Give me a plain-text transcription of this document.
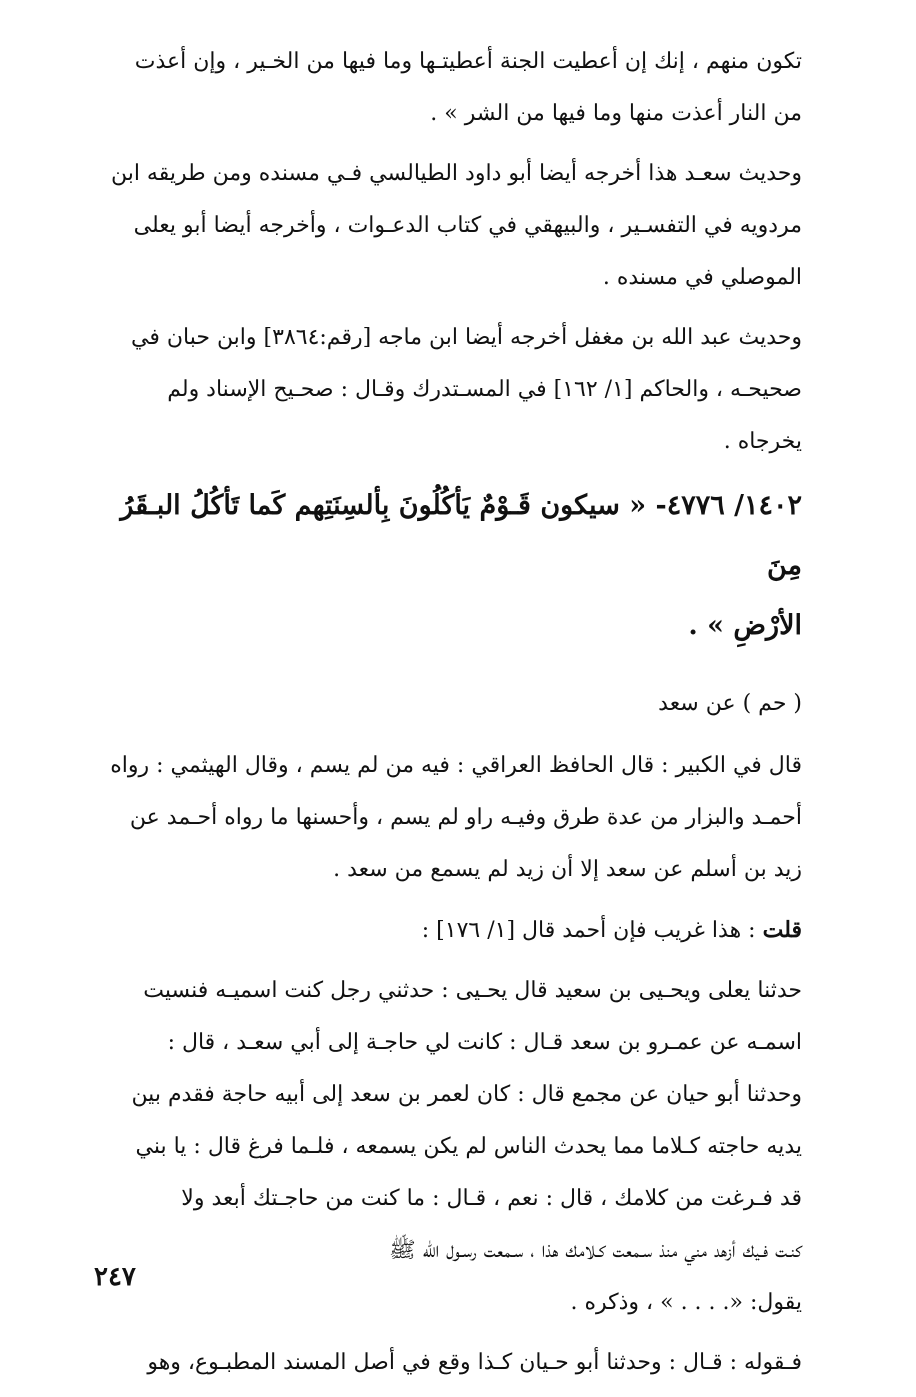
تكون منهم ، إنك إن أعطيت الجنة أعطيتـها وما فيها من الخـير ، وإن أعذت
من النار أعذت منها وما فيها من الشر » .

وحديث سعـد هذا أخرجه أيضا أبو داود الطيالسي فـي مسنده ومن طريقه ابن
مردويه في التفسـير ، والبيهقي في كتاب الدعـوات ، وأخرجه أيضا أبو يعلى
الموصلي في مسنده .

وحديث عبد الله بن مغفل أخرجه أيضا ابن ماجه [رقم:٣٨٦٤] وابن حبان في
صحيحـه ، والحاكم [١/ ١٦٢] في المسـتدرك وقـال : صحـيح الإسناد ولم
يخرجاه .

١٤٠٢/ ٤٧٧٦- « سيكون قَـوْمٌ يَأكُلُونَ بِألسِنَتِهم كَما تَأكُلُ البـقَرُ مِنَ
الأرْضِ » .

( حم ) عن سعد

قال في الكبير : قال الحافظ العراقي : فيه من لم يسم ، وقال الهيثمي : رواه
أحمـد والبزار من عدة طرق وفيـه راو لم يسم ، وأحسنها ما رواه أحـمد عن
زيد بن أسلم عن سعد إلا أن زيد لم يسمع من سعد .

قلت : هذا غريب فإن أحمد قال [١/ ١٧٦] :

حدثنا يعلى ويحـيى بن سعيد قال يحـيى : حدثني رجل كنت اسميـه فنسيت
اسمـه عن عمـرو بن سعد قـال : كانت لي حاجـة إلى أبي سعـد ، قال :
وحدثنا أبو حيان عن مجمع قال : كان لعمر بن سعد إلى أبيه حاجة فقدم بين
يديه حاجته كـلاما مما يحدث الناس لم يكن يسمعه ، فلـما فرغ قال : يا بني
قد فـرغت من كلامك ، قال : نعم ، قـال : ما كنت من حاجـتك أبعد ولا
كنـت فـيك أزهد مني منذ سـمعت كـلامك هذا ، سـمعت رسـول الله ﷺ
يقول: «. . . . » ، وذكره .

فـقوله : قـال : وحدثنا أبو حـيان كـذا وقع في أصل المسند المطبـوع، وهو

٢٤٧
